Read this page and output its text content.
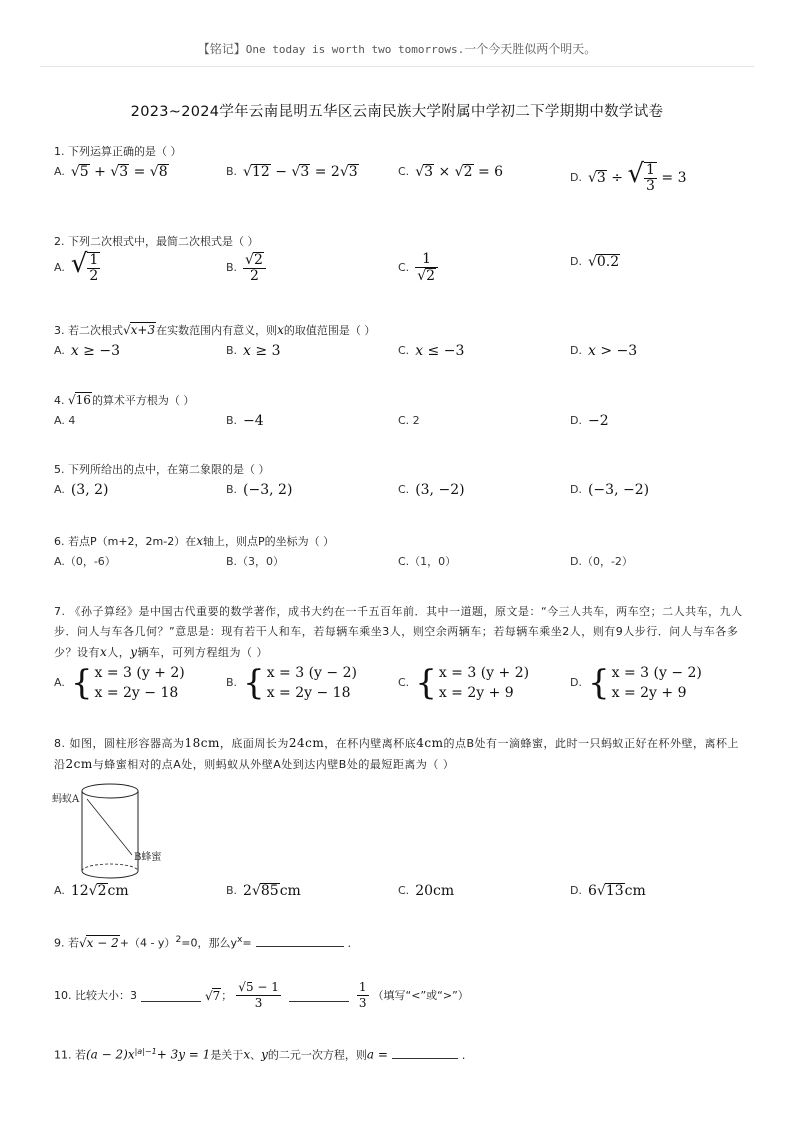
【铭记】One today is worth two tomorrows.一个今天胜似两个明天。
2023~2024学年云南昆明五华区云南民族大学附属中学初二下学期期中数学试卷
1. 下列运算正确的是（ ）
A. √5 + √3 = √8	B. √12 − √3 = 2√3	C. √3 × √2 = 6	D. √3 ÷ √ $\frac{1}{3} = 3$
2. 下列二次根式中，最简二次根式是（ ）
A. √ $\frac{1}{2}$	B. $\frac{√2}{2}$	C. $\frac{1}{√2}$	D. √0.2
3. 若二次根式√x+3在实数范围内有意义，则x的取值范围是（ ）
A. x ≥ −3	B. x ≥ 3	C. x ≤ −3	D. x > −3
4. √16的算术平方根为（ ）
A. 4	B. −4	C. 2	D. −2
5. 下列所给出的点中，在第二象限的是（ ）
A. (3, 2)	B. (−3, 2)	C. (3, −2)	D. (−3, −2)
6. 若点P（m+2，2m-2）在x轴上，则点P的坐标为（ ）
A.（0，-6）	B.（3，0）	C.（1，0）	D.（0，-2）
7. 《孙子算经》是中国古代重要的数学著作，成书大约在一千五百年前．其中一道题，原文是：“今三人共车，两车空；二人共车，九人步．问人与车各几何？”意思是：现有若干人和车，若每辆车乘坐3人，则空余两辆车；若每辆车乘坐2人，则有9人步行．问人与车各多少？设有x人，y辆车，可列方程组为（ ）
A. { x = 3 (y + 2)
x = 2y − 18
B. { x = 3 (y − 2)
x = 2y − 18
C. { x = 3 (y + 2)
x = 2y + 9
D. { x = 3 (y − 2)
x = 2y + 9
8. 如图，圆柱形容器高为18cm，底面周长为24cm，在杯内壁离杯底4cm的点B处有一滴蜂蜜，此时一只蚂蚁正好在杯外壁，离杯上沿2cm与蜂蜜相对的点A处，则蚂蚁从外壁A处到达内壁B处的最短距离为（ ）
蚂蚁A
B蜂蜜
A. 12√2cm	B. 2√85cm	C. 20cm	D. 6√13cm
9. 若√x − 2+（4 - y）$^2$=0，那么$y^x=$	．
10. 比较大小：3	√7 ； $\frac{√5 - 1}{3}$	$\frac{1}{3}$ （填写“<”或“>”）
11. 若$(a - 2)x^{|a|-1}+ 3y = 1$是关于x、y的二元一次方程，则a =	．
